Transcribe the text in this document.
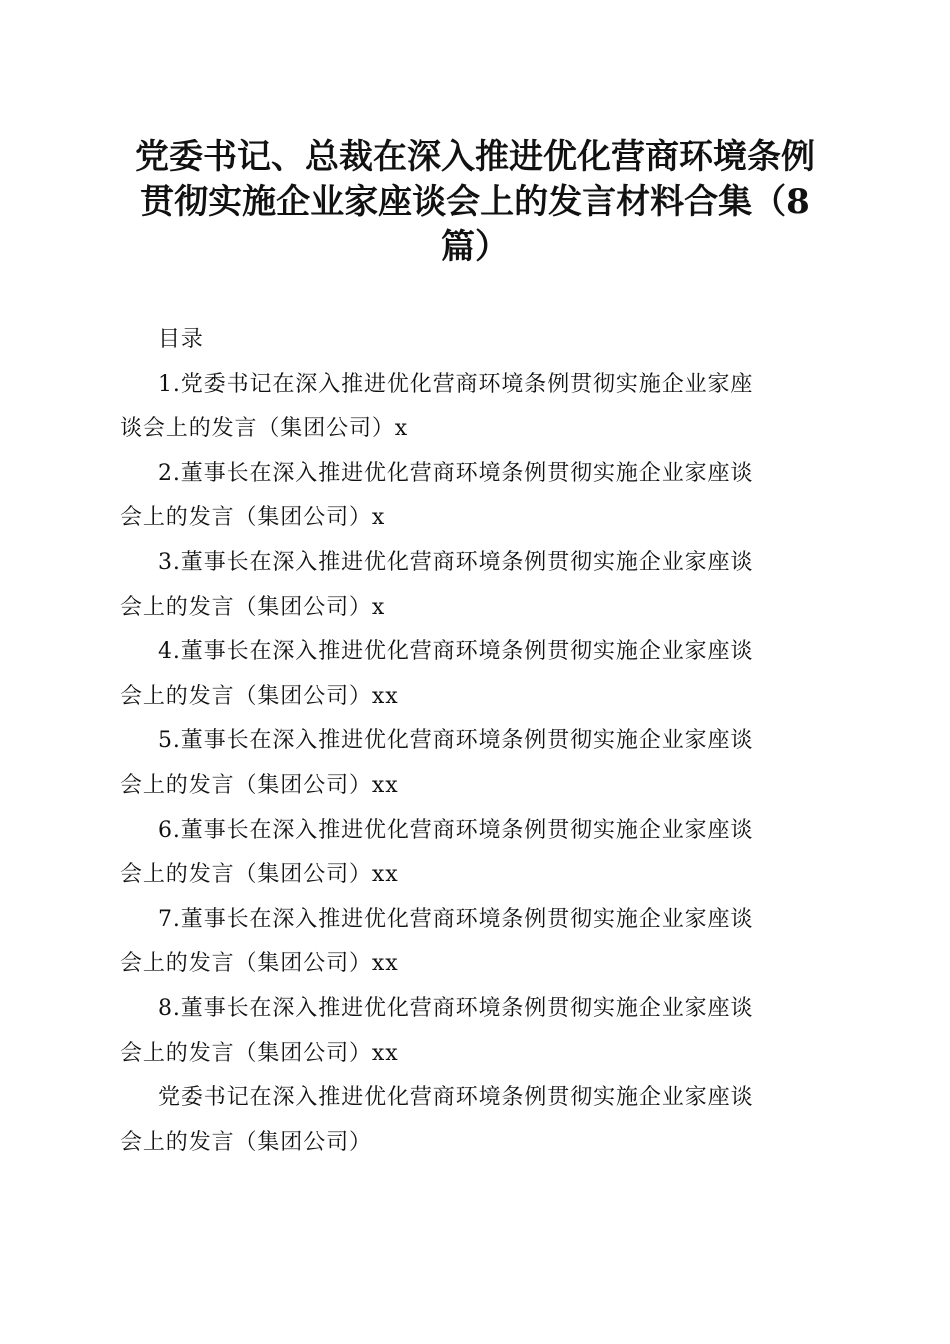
党委书记、总裁在深入推进优化营商环境条例
贯彻实施企业家座谈会上的发言材料合集（8
篇）
目录
1.党委书记在深入推进优化营商环境条例贯彻实施企业家座
谈会上的发言（集团公司）x
2.董事长在深入推进优化营商环境条例贯彻实施企业家座谈
会上的发言（集团公司）x
3.董事长在深入推进优化营商环境条例贯彻实施企业家座谈
会上的发言（集团公司）x
4.董事长在深入推进优化营商环境条例贯彻实施企业家座谈
会上的发言（集团公司）xx
5.董事长在深入推进优化营商环境条例贯彻实施企业家座谈
会上的发言（集团公司）xx
6.董事长在深入推进优化营商环境条例贯彻实施企业家座谈
会上的发言（集团公司）xx
7.董事长在深入推进优化营商环境条例贯彻实施企业家座谈
会上的发言（集团公司）xx
8.董事长在深入推进优化营商环境条例贯彻实施企业家座谈
会上的发言（集团公司）xx
党委书记在深入推进优化营商环境条例贯彻实施企业家座谈
会上的发言（集团公司）
